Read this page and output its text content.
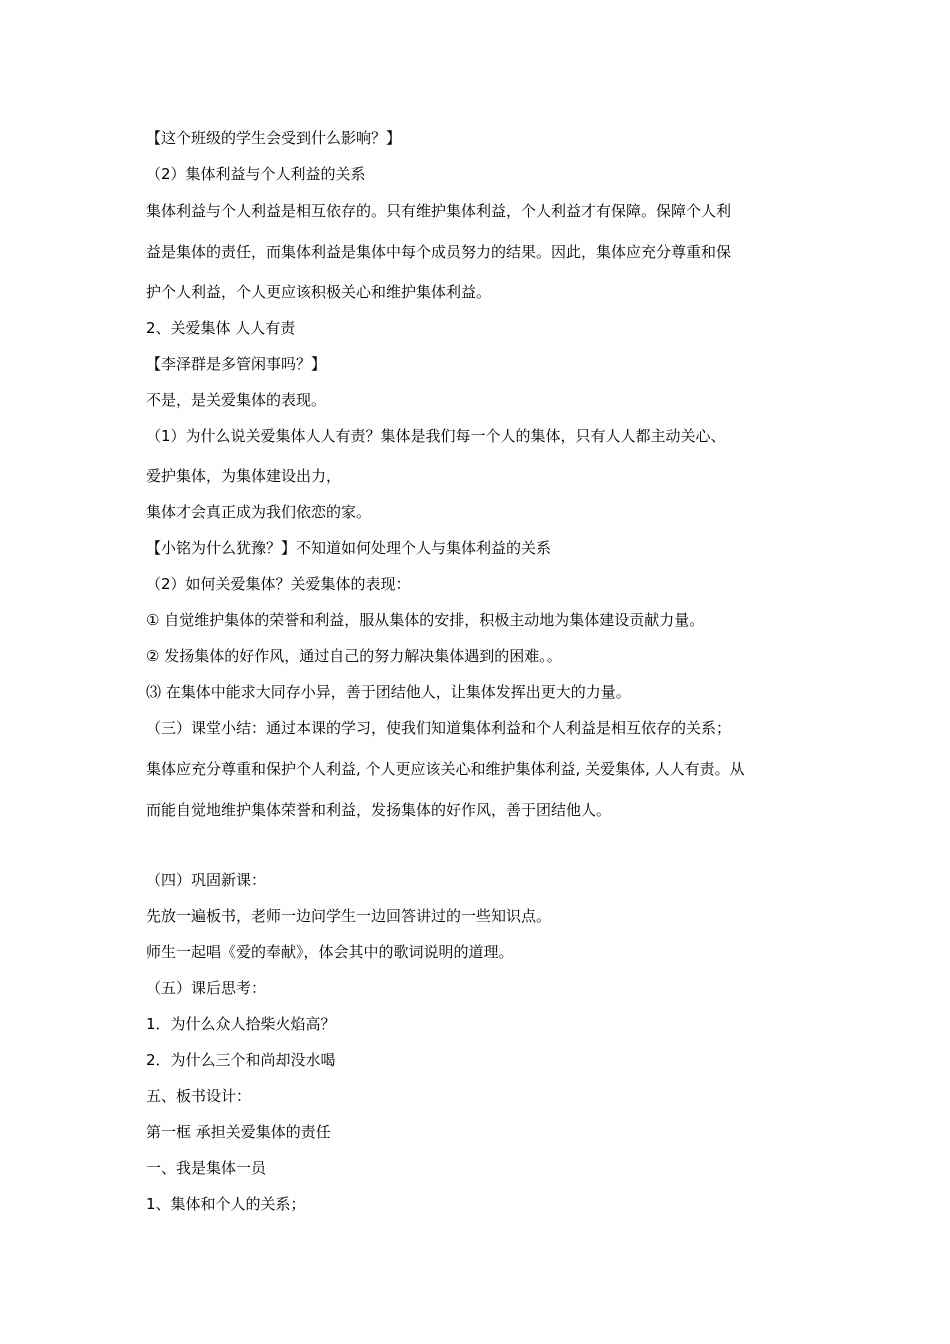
【这个班级的学生会受到什么影响？】
（2）集体利益与个人利益的关系
集体利益与个人利益是相互依存的。只有维护集体利益，个人利益才有保障。保障个人利
益是集体的责任，而集体利益是集体中每个成员努力的结果。因此，集体应充分尊重和保
护个人利益，个人更应该积极关心和维护集体利益。
2、关爱集体 人人有责
【李泽群是多管闲事吗？】
不是，是关爱集体的表现。
（1）为什么说关爱集体人人有责？集体是我们每一个人的集体，只有人人都主动关心、
爱护集体，为集体建设出力，
集体才会真正成为我们依恋的家。
【小铭为什么犹豫？】不知道如何处理个人与集体利益的关系
（2）如何关爱集体？关爱集体的表现：
① 自觉维护集体的荣誉和利益，服从集体的安排，积极主动地为集体建设贡献力量。
② 发扬集体的好作风，通过自己的努力解决集体遇到的困难。。
⑶ 在集体中能求大同存小异，善于团结他人，让集体发挥出更大的力量。
（三）课堂小结：通过本课的学习，使我们知道集体利益和个人利益是相互依存的关系；
集体应充分尊重和保护个人利益, 个人更应该关心和维护集体利益, 关爱集体, 人人有责。从
而能自觉地维护集体荣誉和利益，发扬集体的好作风，善于团结他人。
（四）巩固新课：
先放一遍板书，老师一边问学生一边回答讲过的一些知识点。
师生一起唱《爱的奉献》，体会其中的歌词说明的道理。
（五）课后思考：
1．为什么众人拾柴火焰高？
2．为什么三个和尚却没水喝
五、板书设计：
第一框 承担关爱集体的责任
一、我是集体一员
1、集体和个人的关系；
